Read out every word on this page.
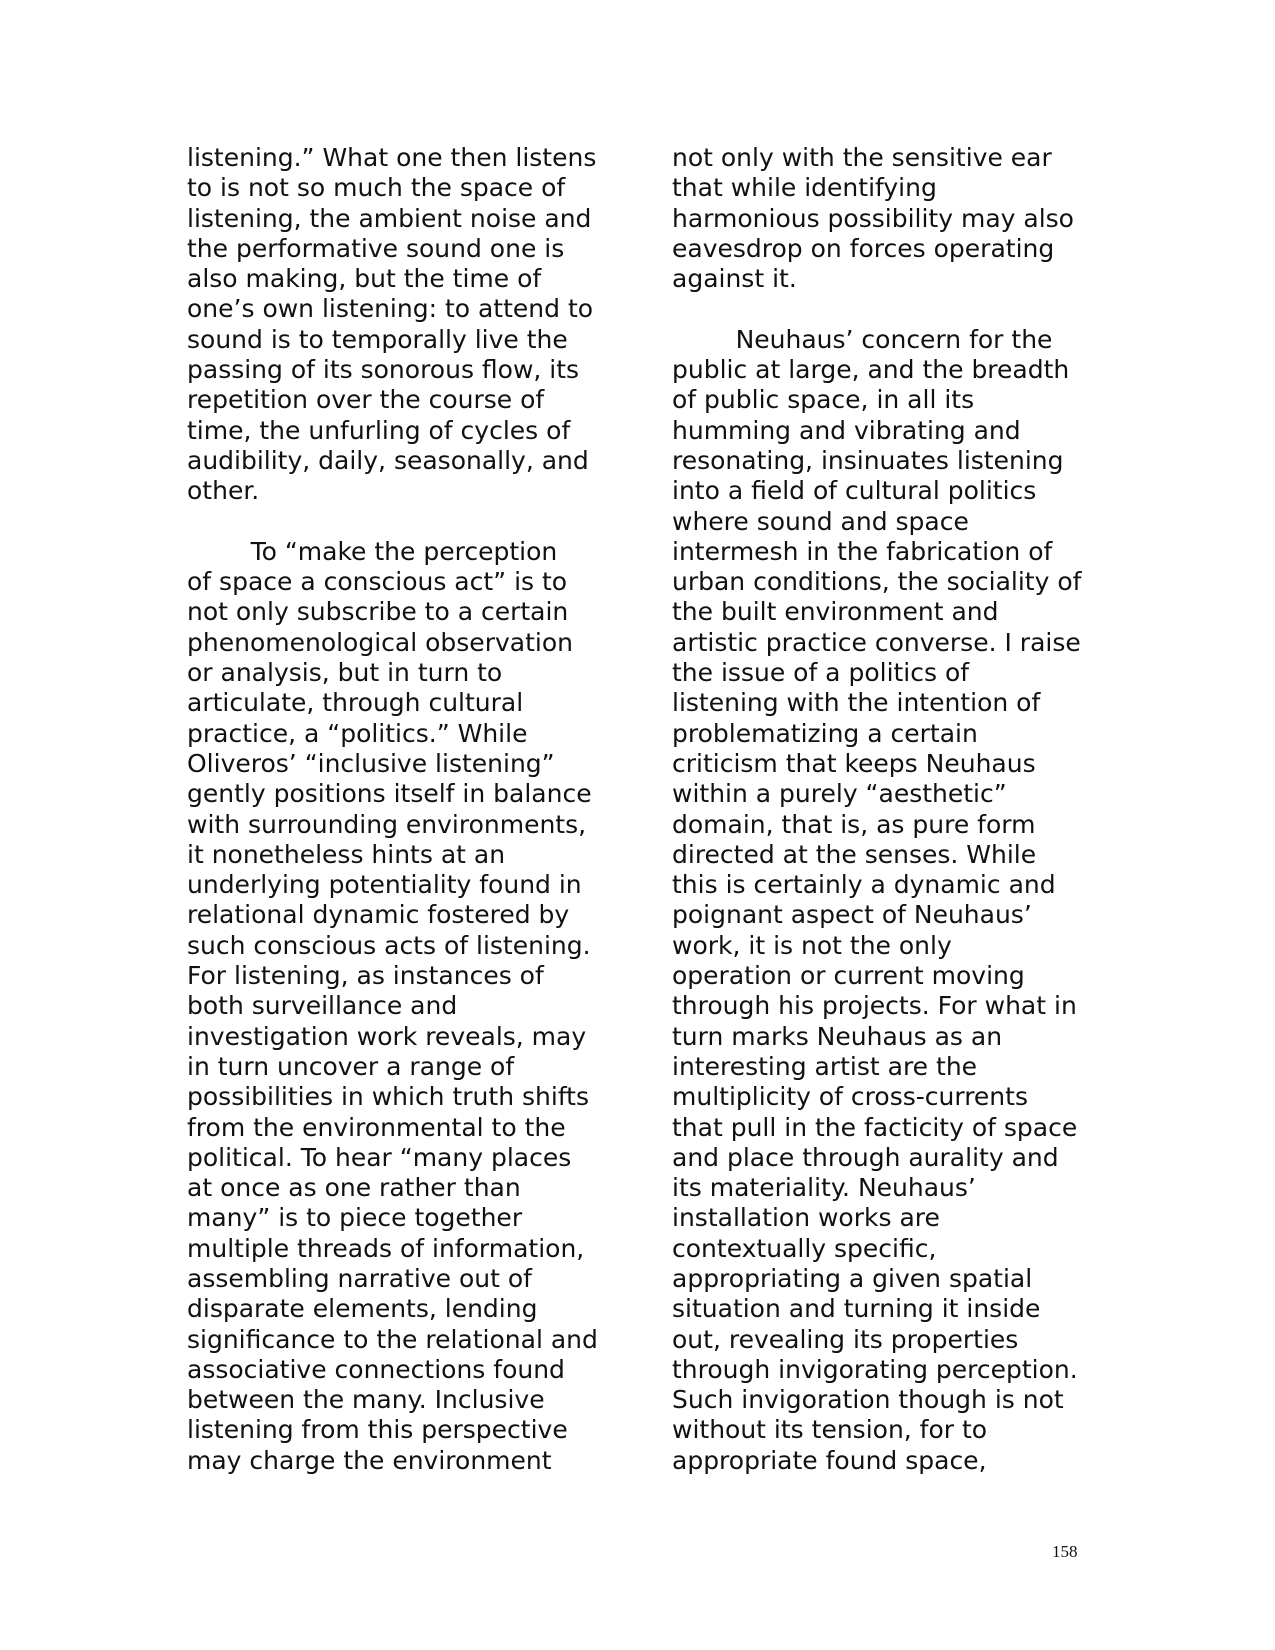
listening.” What one then listens
to is not so much the space of
listening, the ambient noise and
the performative sound one is
also making, but the time of
one’s own listening: to attend to
sound is to temporally live the
passing of its sonorous flow, its
repetition over the course of
time, the unfurling of cycles of
audibility, daily, seasonally, and
other.
To “make the perception
of space a conscious act” is to
not only subscribe to a certain
phenomenological observation
or analysis, but in turn to
articulate, through cultural
practice, a “politics.” While
Oliveros’ “inclusive listening”
gently positions itself in balance
with surrounding environments,
it nonetheless hints at an
underlying potentiality found in
relational dynamic fostered by
such conscious acts of listening.
For listening, as instances of
both surveillance and
investigation work reveals, may
in turn uncover a range of
possibilities in which truth shifts
from the environmental to the
political. To hear “many places
at once as one rather than
many” is to piece together
multiple threads of information,
assembling narrative out of
disparate elements, lending
significance to the relational and
associative connections found
between the many. Inclusive
listening from this perspective
may charge the environment
not only with the sensitive ear
that while identifying
harmonious possibility may also
eavesdrop on forces operating
against it.
Neuhaus’ concern for the
public at large, and the breadth
of public space, in all its
humming and vibrating and
resonating, insinuates listening
into a field of cultural politics
where sound and space
intermesh in the fabrication of
urban conditions, the sociality of
the built environment and
artistic practice converse. I raise
the issue of a politics of
listening with the intention of
problematizing a certain
criticism that keeps Neuhaus
within a purely “aesthetic”
domain, that is, as pure form
directed at the senses. While
this is certainly a dynamic and
poignant aspect of Neuhaus’
work, it is not the only
operation or current moving
through his projects. For what in
turn marks Neuhaus as an
interesting artist are the
multiplicity of cross-currents
that pull in the facticity of space
and place through aurality and
its materiality. Neuhaus’
installation works are
contextually specific,
appropriating a given spatial
situation and turning it inside
out, revealing its properties
through invigorating perception.
Such invigoration though is not
without its tension, for to
appropriate found space,
158
